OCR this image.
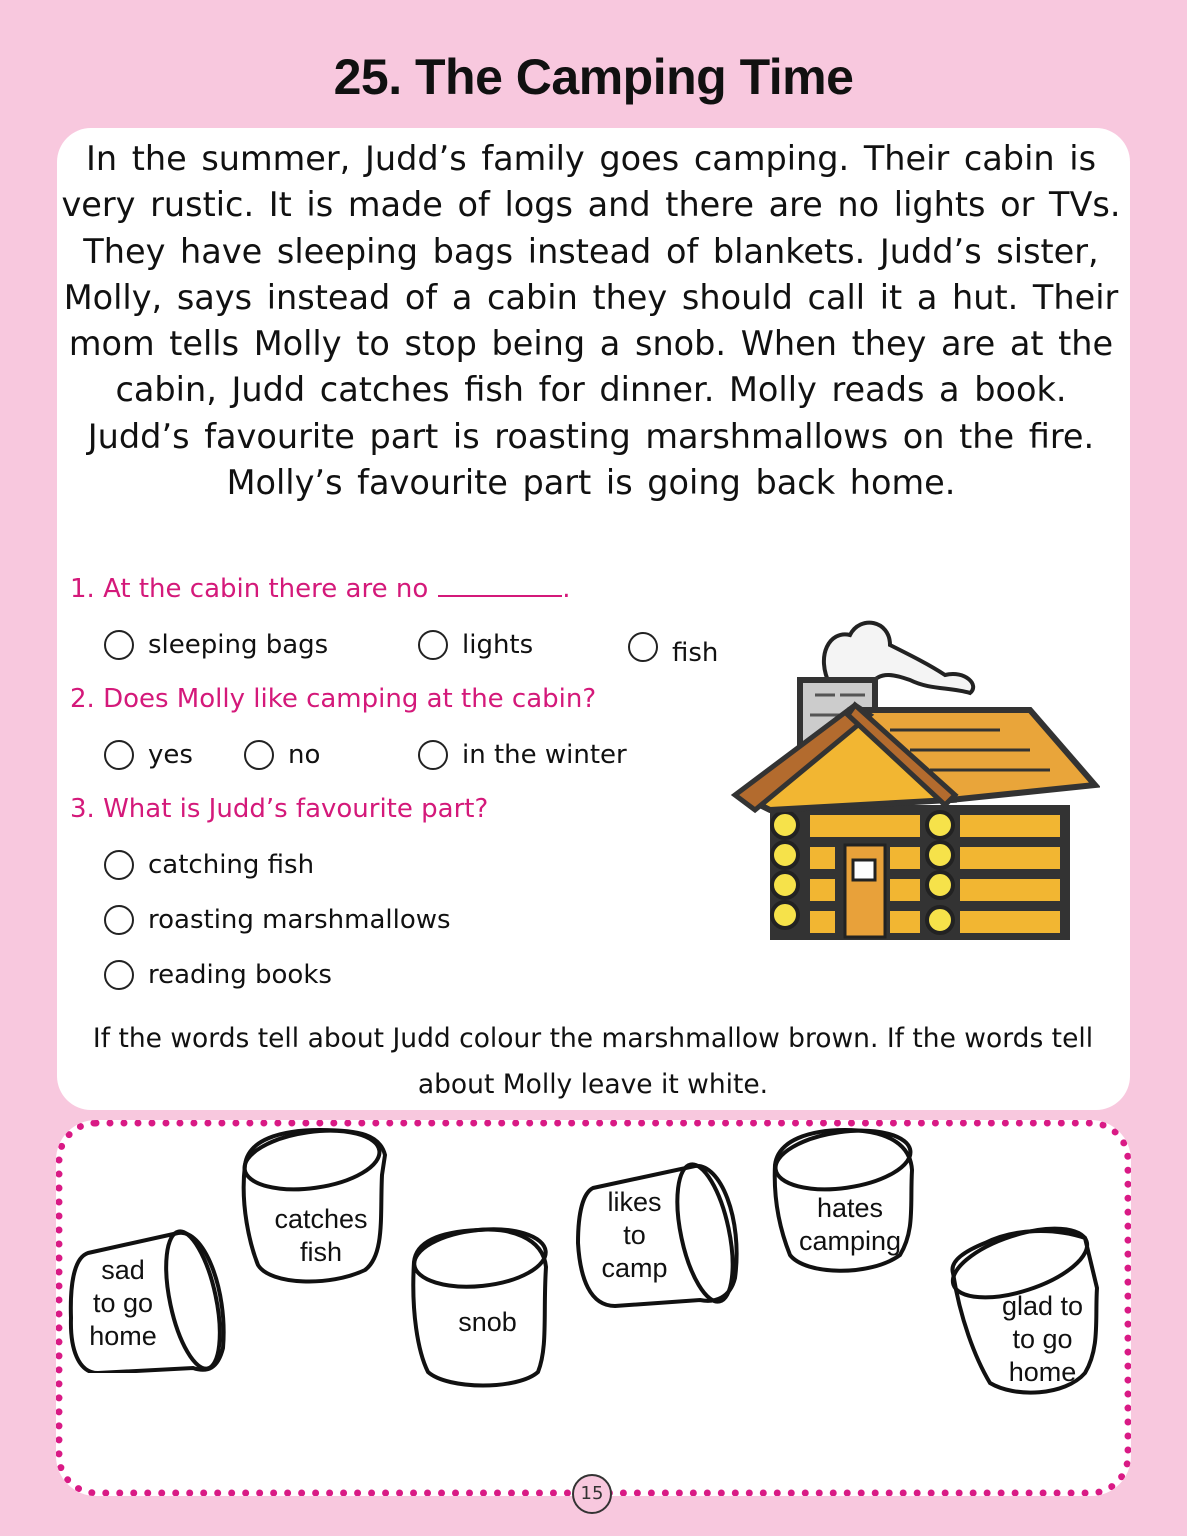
25. The Camping Time
In the summer, Judd’s family goes camping. Their cabin is very rustic. It is made of logs and there are no lights or TVs. They have sleeping bags instead of blankets. Judd’s sister, Molly, says instead of a cabin they should call it a hut. Their mom tells Molly to stop being a snob. When they are at the cabin, Judd catches fish for dinner. Molly reads a book. Judd’s favourite part is roasting marshmallows on the fire. Molly’s favourite part is going back home.
1. At the cabin there are no	.
sleeping bags	lights	fish
2. Does Molly like camping at the cabin?
yes	no	in the winter
3. What is Judd’s favourite part?
catching fish
roasting marshmallows
reading books
If the words tell about Judd colour the marshmallow brown. If the words tell about Molly leave it white.
sad
to go
home
catches
fish
snob
likes
to
camp
hates
camping
glad to
to go
home
15
